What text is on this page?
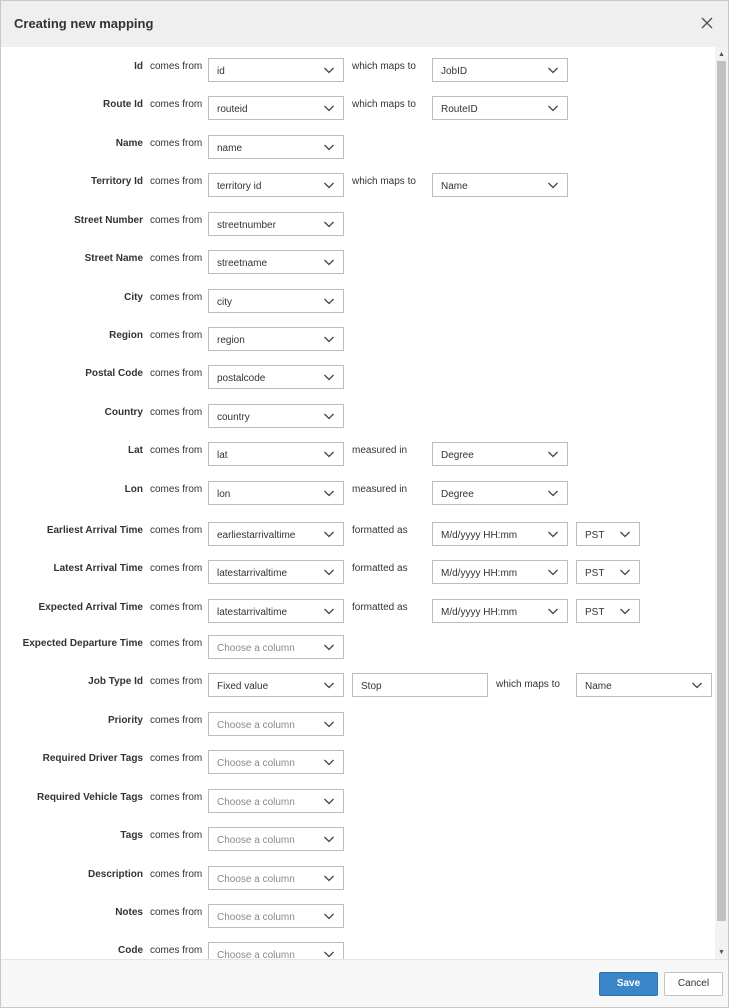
Creating new mapping
Id comes from id	which maps to	JobID
Route Id comes from routeid	which maps to	RouteID
Name comes from name
Territory Id comes from territory id	which maps to	Name
Street Number comes from streetnumber
Street Name comes from streetname
City comes from city
Region comes from region
Postal Code comes from postalcode
Country comes from country
Lat comes from lat	measured in	Degree
Lon comes from lon	measured in	Degree
Earliest Arrival Time comes from earliestarrivaltime	formatted as	M/d/yyyy HH:mm	PST
Latest Arrival Time comes from latestarrivaltime	formatted as	M/d/yyyy HH:mm	PST
Expected Arrival Time comes from latestarrivaltime	formatted as	M/d/yyyy HH:mm	PST
Expected Departure Time comes from Choose a column
Job Type Id comes from Fixed value	Stop	which maps to	Name
Priority comes from Choose a column
Required Driver Tags comes from Choose a column
Required Vehicle Tags comes from Choose a column
Tags comes from Choose a column
Description comes from Choose a column
Notes comes from Choose a column
Code comes from Choose a column
▲
▼
Save	Cancel
